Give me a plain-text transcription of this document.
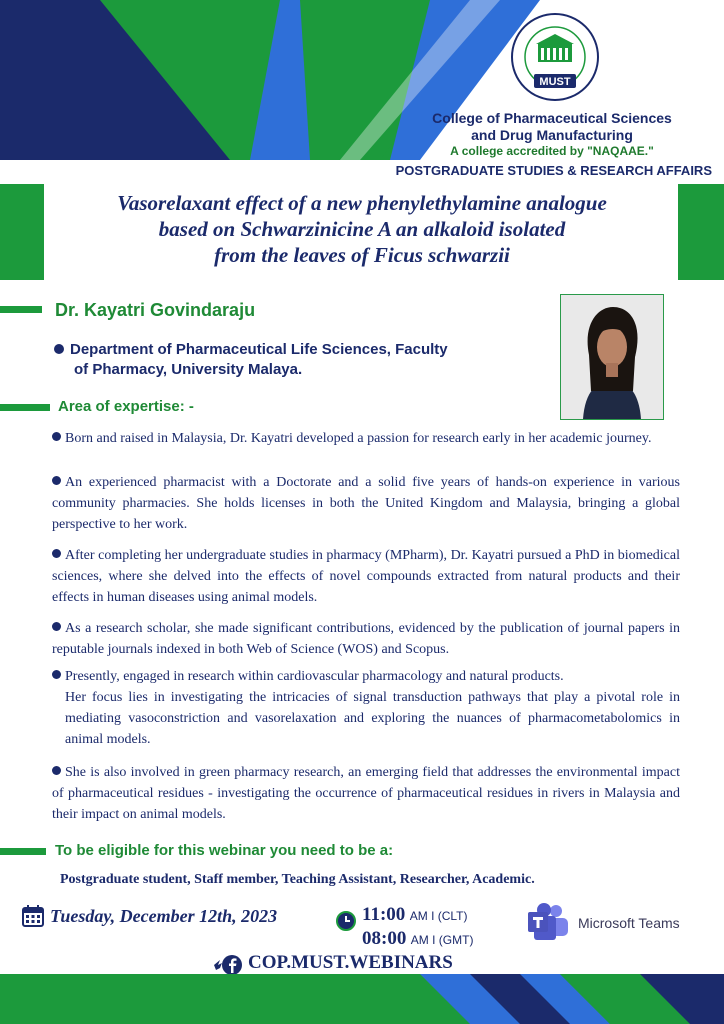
MUST
College of Pharmaceutical Sciences
and Drug Manufacturing
A college accredited by "NAQAAE."
POSTGRADUATE STUDIES & RESEARCH AFFAIRS
Vasorelaxant effect of a new phenylethylamine analogue
based on Schwarzinicine A an alkaloid isolated
from the leaves of Ficus schwarzii
Dr. Kayatri Govindaraju
Department of Pharmaceutical Life Sciences, Faculty
of Pharmacy, University Malaya.
Area of expertise: -
Born and raised in Malaysia, Dr. Kayatri developed a passion for research early in her academic journey.
An experienced pharmacist with a Doctorate and a solid five years of hands-on experience in various community pharmacies. She holds licenses in both the United Kingdom and Malaysia, bringing a global perspective to her work.
After completing her undergraduate studies in pharmacy (MPharm), Dr. Kayatri pursued a PhD in biomedical sciences, where she delved into the effects of novel compounds extracted from natural products and their effects in human diseases using animal models.
As a research scholar, she made significant contributions, evidenced by the publication of journal papers in reputable journals indexed in both Web of Science (WOS) and Scopus.
Presently, engaged in research within cardiovascular pharmacology and natural products.
Her focus lies in investigating the intricacies of signal transduction pathways that play a pivotal role in mediating vasoconstriction and vasorelaxation and exploring the nuances of pharmacometabolomics in animal models.
She is also involved in green pharmacy research, an emerging field that addresses the environmental impact of pharmaceutical residues - investigating the occurrence of pharmaceutical residues in rivers in Malaysia and their impact on animal models.
To be eligible for this webinar you need to be a:
Postgraduate student, Staff member, Teaching Assistant, Researcher, Academic.
Tuesday, December 12th, 2023	11:00 AM I (CLT)
08:00 AM I (GMT)
Microsoft Teams
COP.MUST.WEBINARS
